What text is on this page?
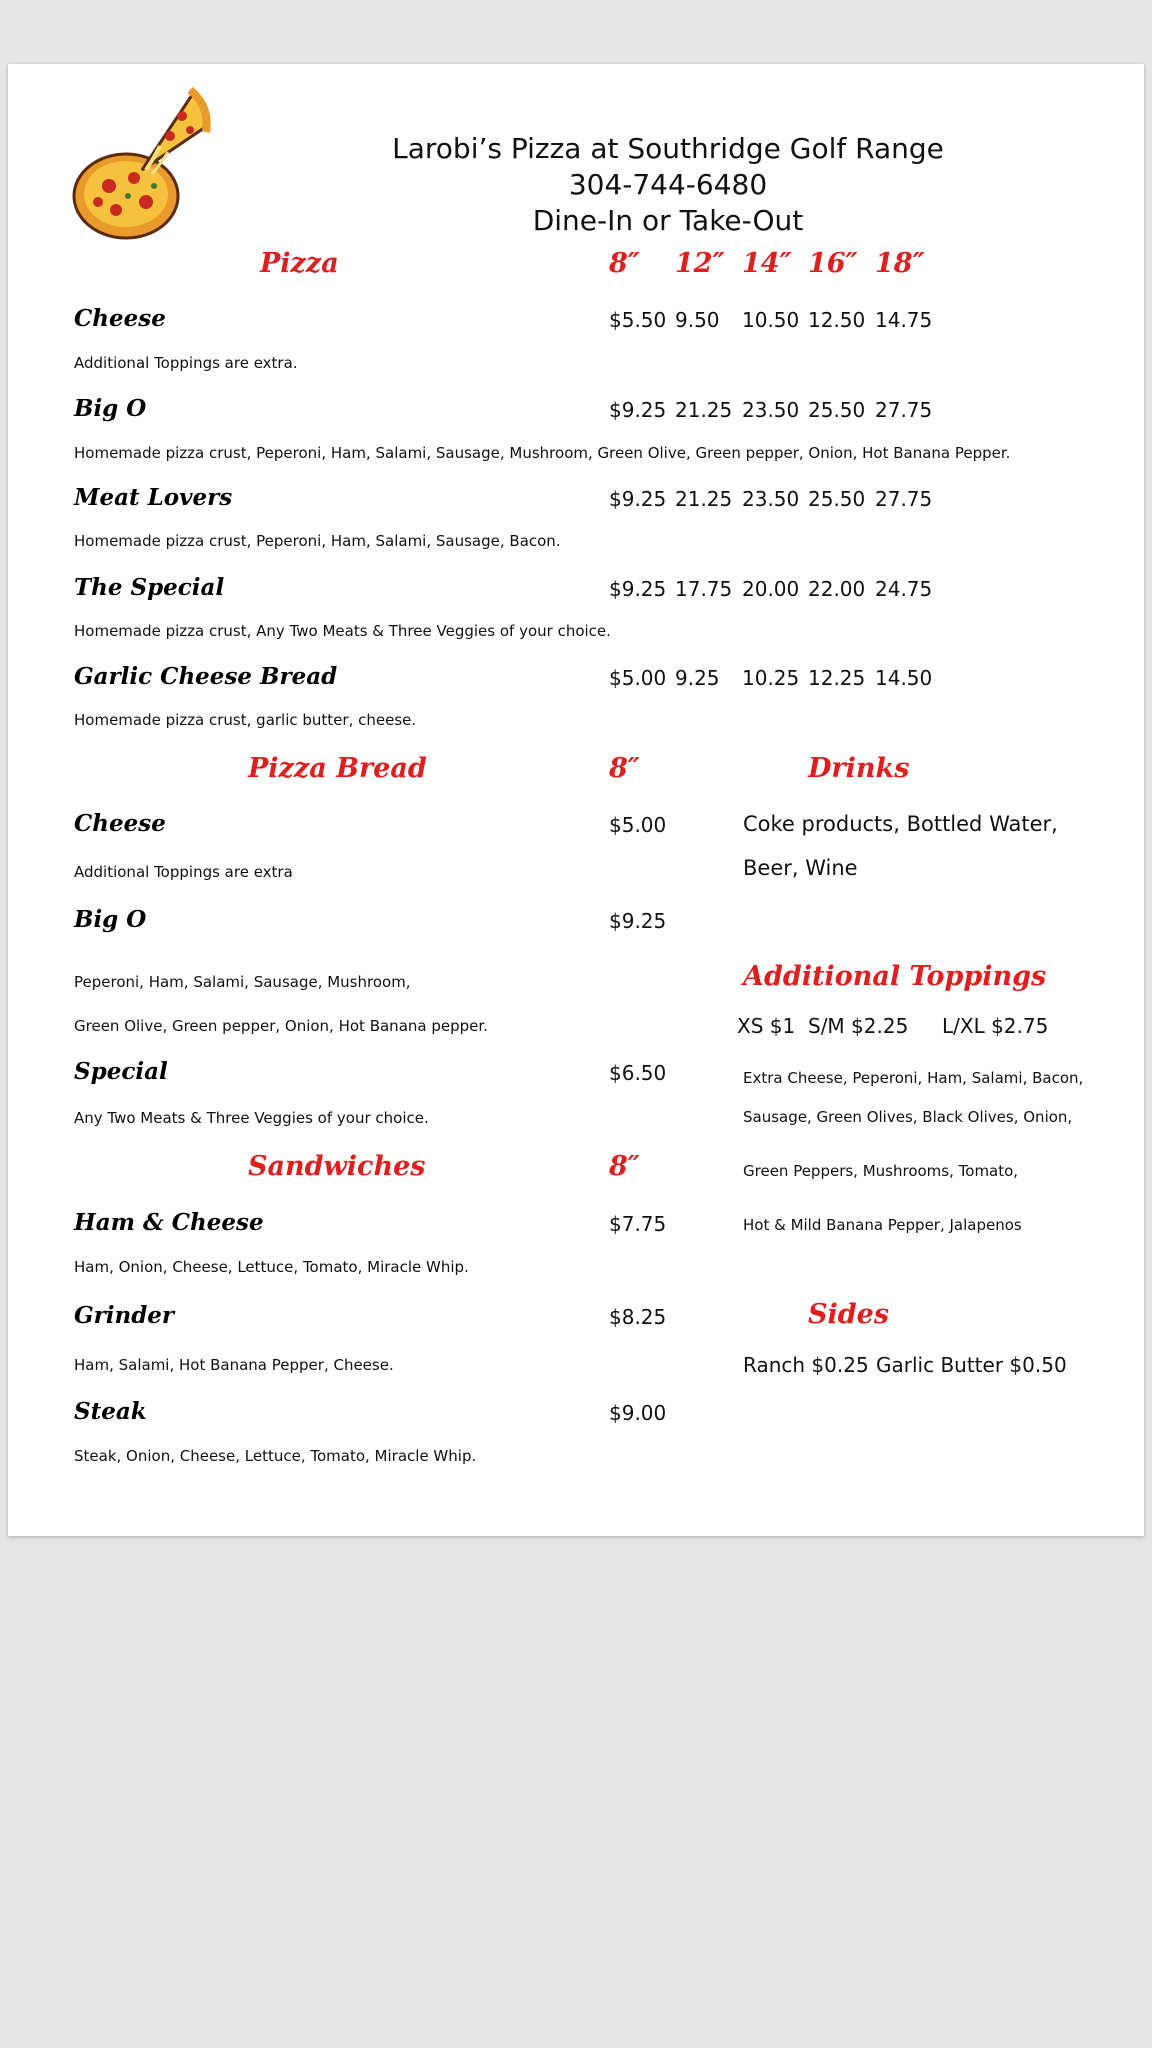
Larobi’s Pizza at Southridge Golf Range
304-744-6480
Dine-In or Take-Out
Pizza	8″ 12″ 14″ 16″ 18″
Cheese	$5.50 9.50 10.50 12.50 14.75
Additional Toppings are extra.
Big O	$9.25 21.25 23.50 25.50 27.75
Homemade pizza crust, Peperoni, Ham, Salami, Sausage, Mushroom, Green Olive, Green pepper, Onion, Hot Banana Pepper.
Meat Lovers	$9.25 21.25 23.50 25.50 27.75
Homemade pizza crust, Peperoni, Ham, Salami, Sausage, Bacon.
The Special	$9.25 17.75 20.00 22.00 24.75
Homemade pizza crust, Any Two Meats & Three Veggies of your choice.
Garlic Cheese Bread	$5.00 9.25 10.25 12.25 14.50
Homemade pizza crust, garlic butter, cheese.
Pizza Bread	8″
Cheese	$5.00
Additional Toppings are extra
Big O	$9.25
Peperoni, Ham, Salami, Sausage, Mushroom,
Green Olive, Green pepper, Onion, Hot Banana pepper.
Special	$6.50
Any Two Meats & Three Veggies of your choice.
Sandwiches	8″
Ham & Cheese	$7.75
Ham, Onion, Cheese, Lettuce, Tomato, Miracle Whip.
Grinder	$8.25
Ham, Salami, Hot Banana Pepper, Cheese.
Steak	$9.00
Steak, Onion, Cheese, Lettuce, Tomato, Miracle Whip.
Drinks
Coke products, Bottled Water,
Beer, Wine
Additional Toppings
XS $1 S/M $2.25 L/XL $2.75
Extra Cheese, Peperoni, Ham, Salami, Bacon,
Sausage, Green Olives, Black Olives, Onion,
Green Peppers, Mushrooms, Tomato,
Hot & Mild Banana Pepper, Jalapenos
Sides
Ranch $0.25 Garlic Butter $0.50
